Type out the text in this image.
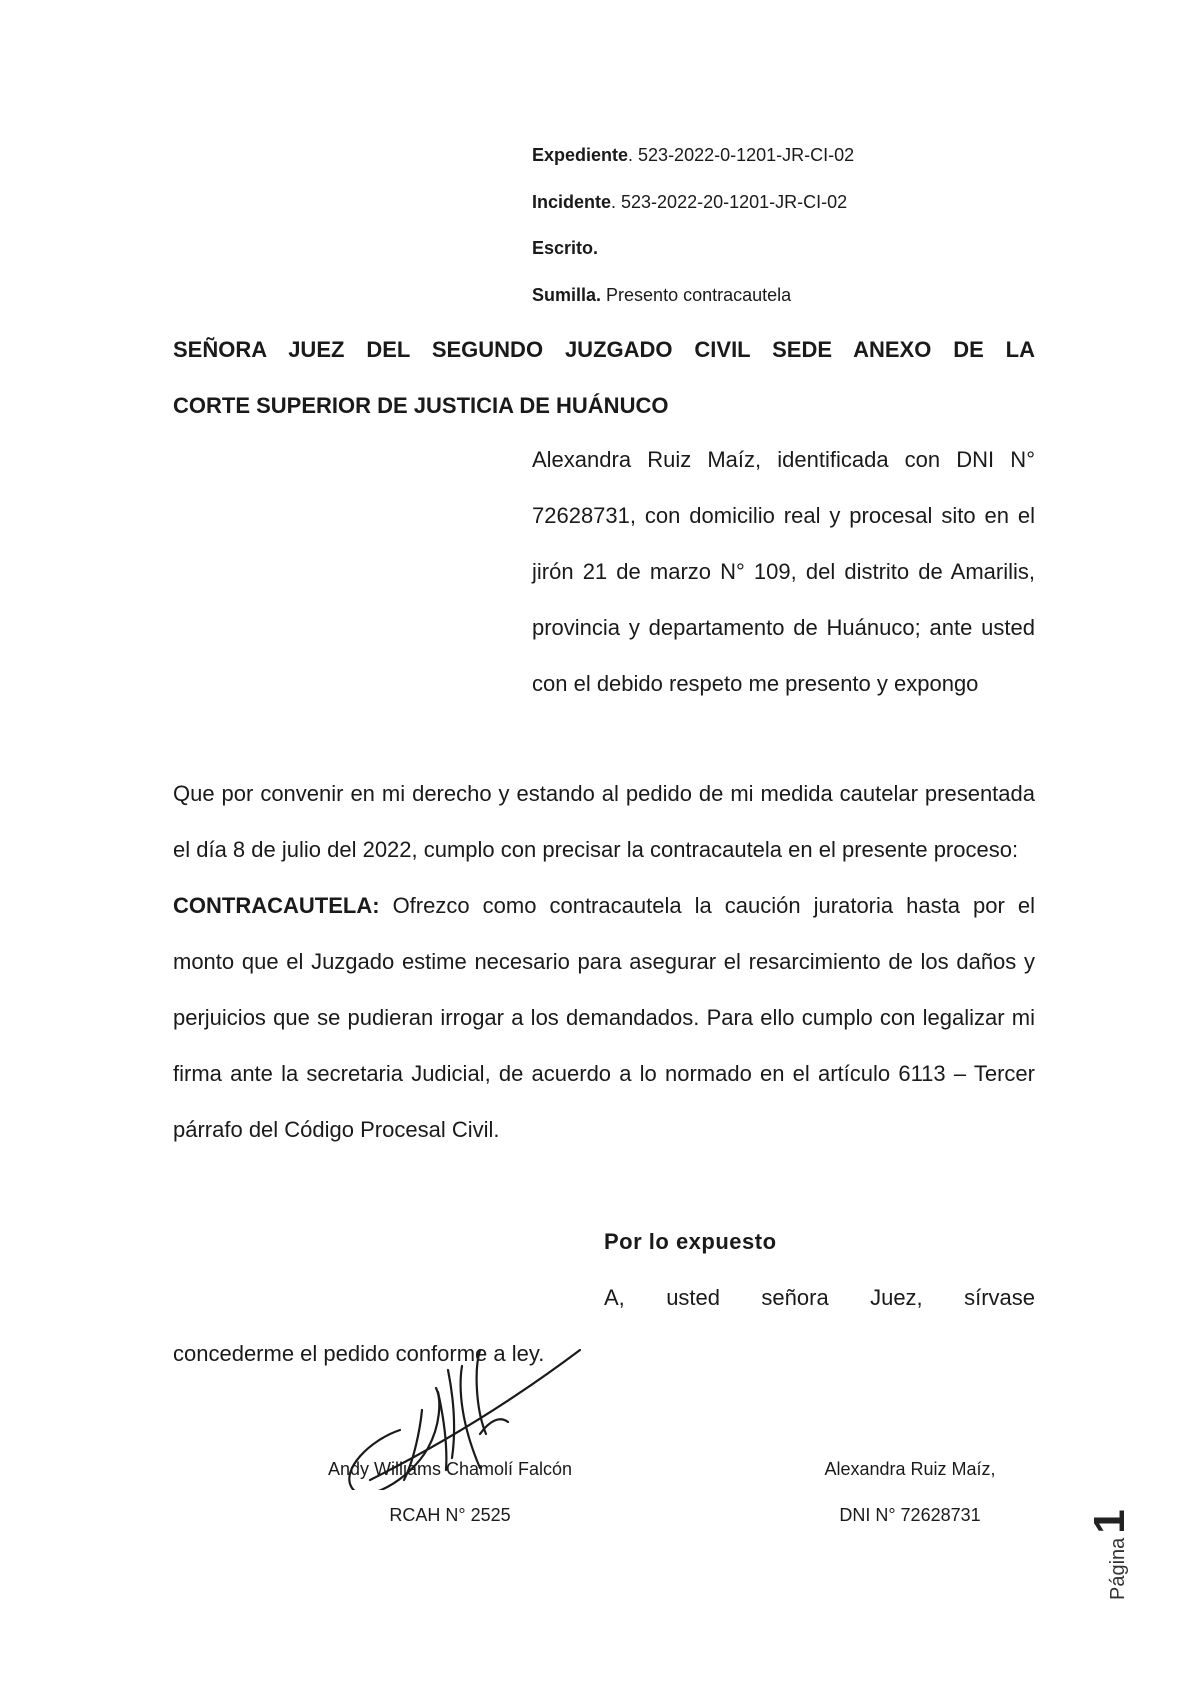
Expediente. 523-2022-0-1201-JR-CI-02
Incidente. 523-2022-20-1201-JR-CI-02
Escrito.
Sumilla. Presento contracautela
SEÑORA JUEZ DEL SEGUNDO JUZGADO CIVIL SEDE ANEXO DE LA
CORTE SUPERIOR DE JUSTICIA DE HUÁNUCO
Alexandra Ruiz Maíz, identificada con DNI N° 72628731, con domicilio real y procesal sito en el jirón 21 de marzo N° 109, del distrito de Amarilis, provincia y departamento de Huánuco; ante usted con el debido respeto me presento y expongo

Que por convenir en mi derecho y estando al pedido de mi medida cautelar presentada el día 8 de julio del 2022, cumplo con precisar la contracautela en el presente proceso:

CONTRACAUTELA: Ofrezco como contracautela la caución juratoria hasta por el monto que el Juzgado estime necesario para asegurar el resarcimiento de los daños y perjuicios que se pudieran irrogar a los demandados. Para ello cumplo con legalizar mi firma ante la secretaria Judicial, de acuerdo a lo normado en el artículo 6113 – Tercer párrafo del Código Procesal Civil.

Por lo expuesto
A, usted señora Juez, sírvase
concederme el pedido conforme a ley.
Andy Williams Chamolí Falcón
RCAH N° 2525
Alexandra Ruiz Maíz,
DNI N° 72628731
Página1
